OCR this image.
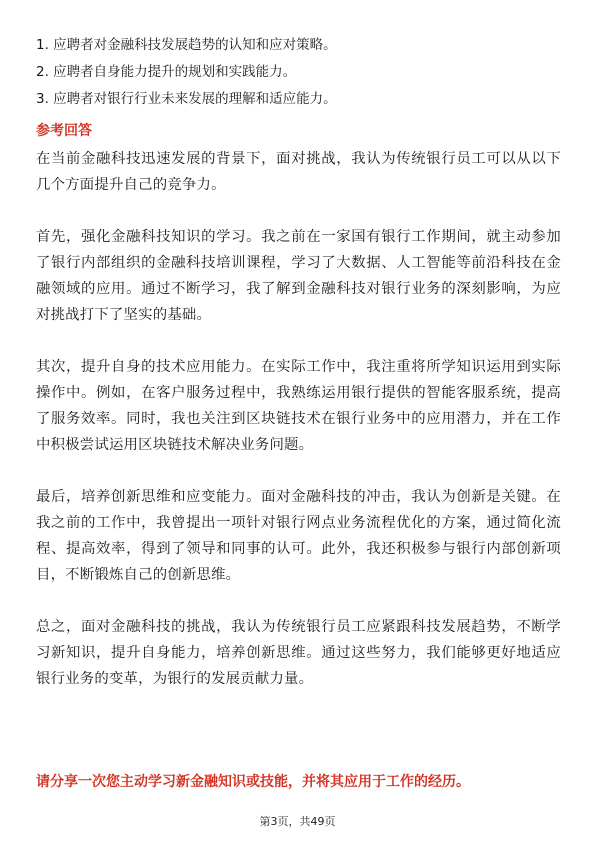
1. 应聘者对金融科技发展趋势的认知和应对策略。
2. 应聘者自身能力提升的规划和实践能力。
3. 应聘者对银行行业未来发展的理解和适应能力。
参考回答

在当前金融科技迅速发展的背景下，面对挑战，我认为传统银行员工可以从以下几个方面提升自己的竞争力。

首先，强化金融科技知识的学习。我之前在一家国有银行工作期间，就主动参加了银行内部组织的金融科技培训课程，学习了大数据、人工智能等前沿科技在金融领域的应用。通过不断学习，我了解到金融科技对银行业务的深刻影响，为应对挑战打下了坚实的基础。

其次，提升自身的技术应用能力。在实际工作中，我注重将所学知识运用到实际操作中。例如，在客户服务过程中，我熟练运用银行提供的智能客服系统，提高了服务效率。同时，我也关注到区块链技术在银行业务中的应用潜力，并在工作中积极尝试运用区块链技术解决业务问题。

最后，培养创新思维和应变能力。面对金融科技的冲击，我认为创新是关键。在我之前的工作中，我曾提出一项针对银行网点业务流程优化的方案，通过简化流程、提高效率，得到了领导和同事的认可。此外，我还积极参与银行内部创新项目，不断锻炼自己的创新思维。

总之，面对金融科技的挑战，我认为传统银行员工应紧跟科技发展趋势，不断学习新知识，提升自身能力，培养创新思维。通过这些努力，我们能够更好地适应银行业务的变革，为银行的发展贡献力量。

请分享一次您主动学习新金融知识或技能，并将其应用于工作的经历。
第3页，共49页
